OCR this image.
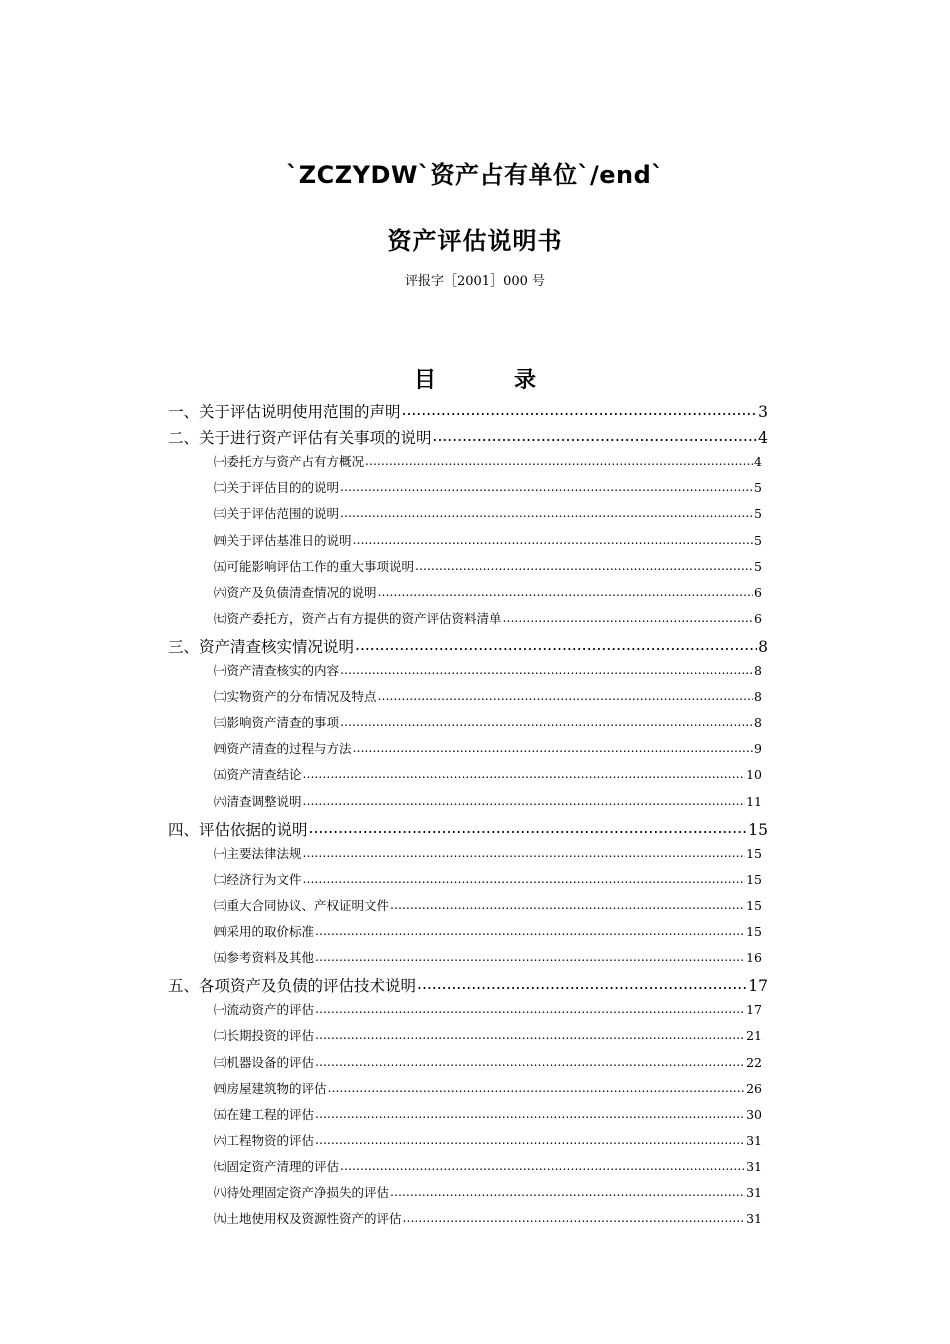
`ZCZYDW`资产占有单位`/end`
资产评估说明书
评报字［2001］000 号
目	录
一、关于评估说明使用范围的声明 .....	3
二、关于进行资产评估有关事项的说明 .....	4
㈠委托方与资产占有方概况 .....	4
㈡关于评估目的的说明 .....	5
㈢关于评估范围的说明 .....	5
㈣关于评估基准日的说明 .....	5
㈤可能影响评估工作的重大事项说明 .....	5
㈥资产及负债清查情况的说明 .....	6
㈦资产委托方，资产占有方提供的资产评估资料清单 .....	6
三、资产清查核实情况说明 .....	8
㈠资产清查核实的内容 .....	8
㈡实物资产的分布情况及特点 .....	8
㈢影响资产清查的事项 .....	8
㈣资产清查的过程与方法 .....	9
㈤资产清查结论 .....	10
㈥清查调整说明 .....	11
四、评估依据的说明 .....	15
㈠主要法律法规 .....	15
㈡经济行为文件 .....	15
㈢重大合同协议、产权证明文件 .....	15
㈣采用的取价标准 .....	15
㈤参考资料及其他 .....	16
五、各项资产及负债的评估技术说明 .....	17
㈠流动资产的评估 .....	17
㈡长期投资的评估 .....	21
㈢机器设备的评估 .....	22
㈣房屋建筑物的评估 .....	26
㈤在建工程的评估 .....	30
㈥工程物资的评估 .....	31
㈦固定资产清理的评估 .....	31
㈧待处理固定资产净损失的评估 .....	31
㈨土地使用权及资源性资产的评估 .....	31
